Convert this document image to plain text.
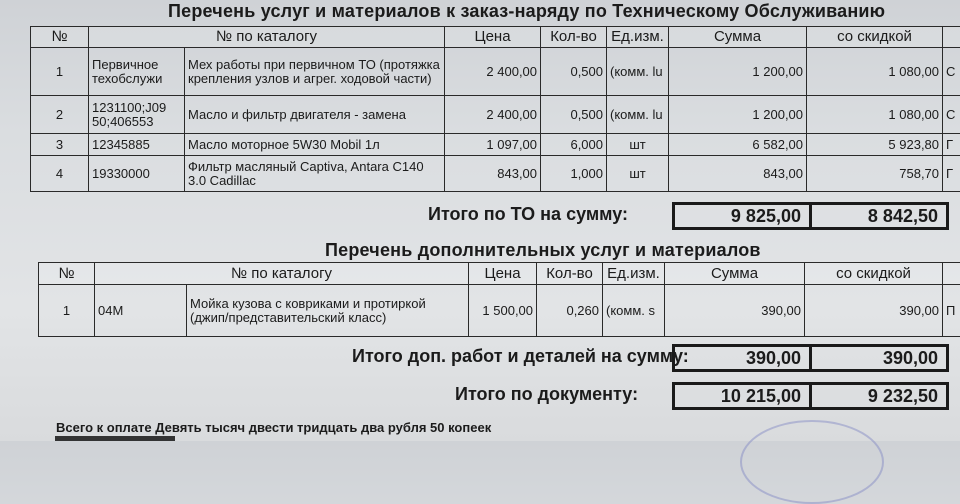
Перечень услуг и материалов к заказ-наряду по Техническому Обслуживанию
№	№ по каталогу		Цена	Кол-во	Ед.изм.	Сумма	со скидкой	
1	Первичное техобслужи	Мех работы при первичном ТО (протяжка крепления узлов и агрег. ходовой части)	2 400,00	0,500	(комм. lu	1 200,00	1 080,00	С
2	1231100;J09 50;406553	Масло и фильтр двигателя - замена	2 400,00	0,500	(комм. lu	1 200,00	1 080,00	С
3	12345885	Масло моторное 5W30 Mobil 1л	1 097,00	6,000	шт	6 582,00	5 923,80	Г
4	19330000	Фильтр масляный Captiva, Antara C140 3.0 Cadillac	843,00	1,000	шт	843,00	758,70	Г
Итого по ТО на сумму:	9 825,00	8 842,50
Перечень дополнительных услуг и материалов
№	№ по каталогу		Цена	Кол-во	Ед.изм.	Сумма	со скидкой	
1	04М	Мойка кузова с ковриками и протиркой (джип/представительский класс)	1 500,00	0,260	(комм. s	390,00	390,00	П
Итого доп. работ и деталей на сумму:	390,00	390,00
Итого по документу:	10 215,00	9 232,50
Всего к оплате Девять тысяч двести тридцать два рубля 50 копеек
